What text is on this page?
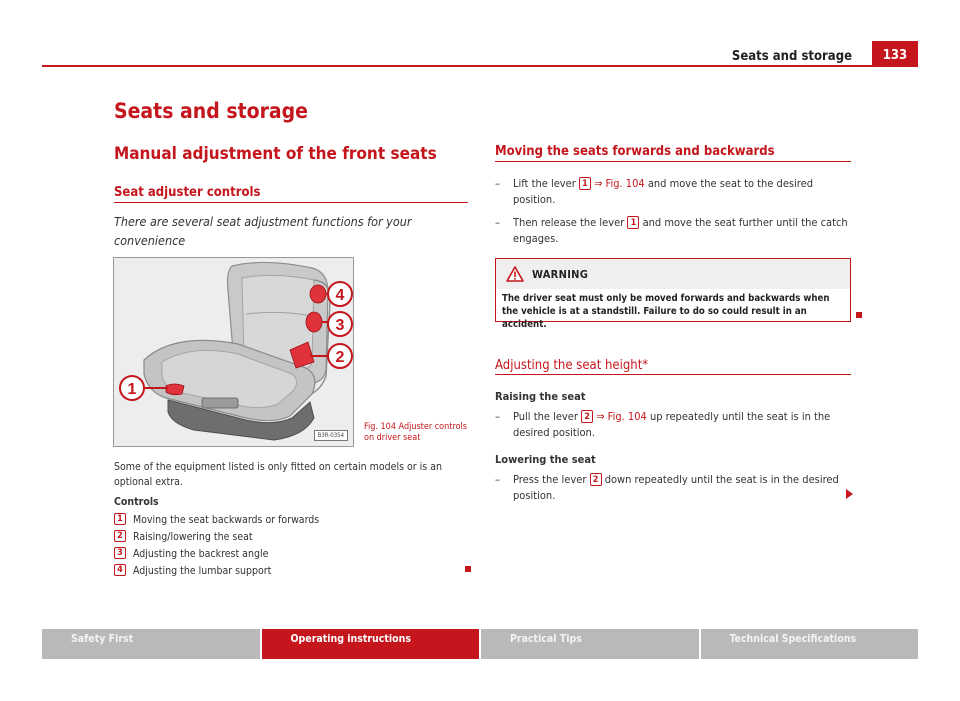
Seats and storage	133
Seats and storage
Manual adjustment of the front seats
Seat adjuster controls
There are several seat adjustment functions for your convenience
1
2
3
4
B3R-0354
Fig. 104 Adjuster controls on driver seat
Some of the equipment listed is only fitted on certain models or is an optional extra.
Controls
1 Moving the seat backwards or forwards
2 Raising/lowering the seat
3 Adjusting the backrest angle
4 Adjusting the lumbar support
Moving the seats forwards and backwards
– Lift the lever 1 ⇒ Fig. 104 and move the seat to the desired position.
– Then release the lever 1 and move the seat further until the catch engages.
WARNING
The driver seat must only be moved forwards and backwards when the vehicle is at a standstill. Failure to do so could result in an accident.
Adjusting the seat height*
Raising the seat
– Pull the lever 2 ⇒ Fig. 104 up repeatedly until the seat is in the desired position.
Lowering the seat
– Press the lever 2 down repeatedly until the seat is in the desired position.
Safety First	Operating instructions	Practical Tips	Technical Specifications
